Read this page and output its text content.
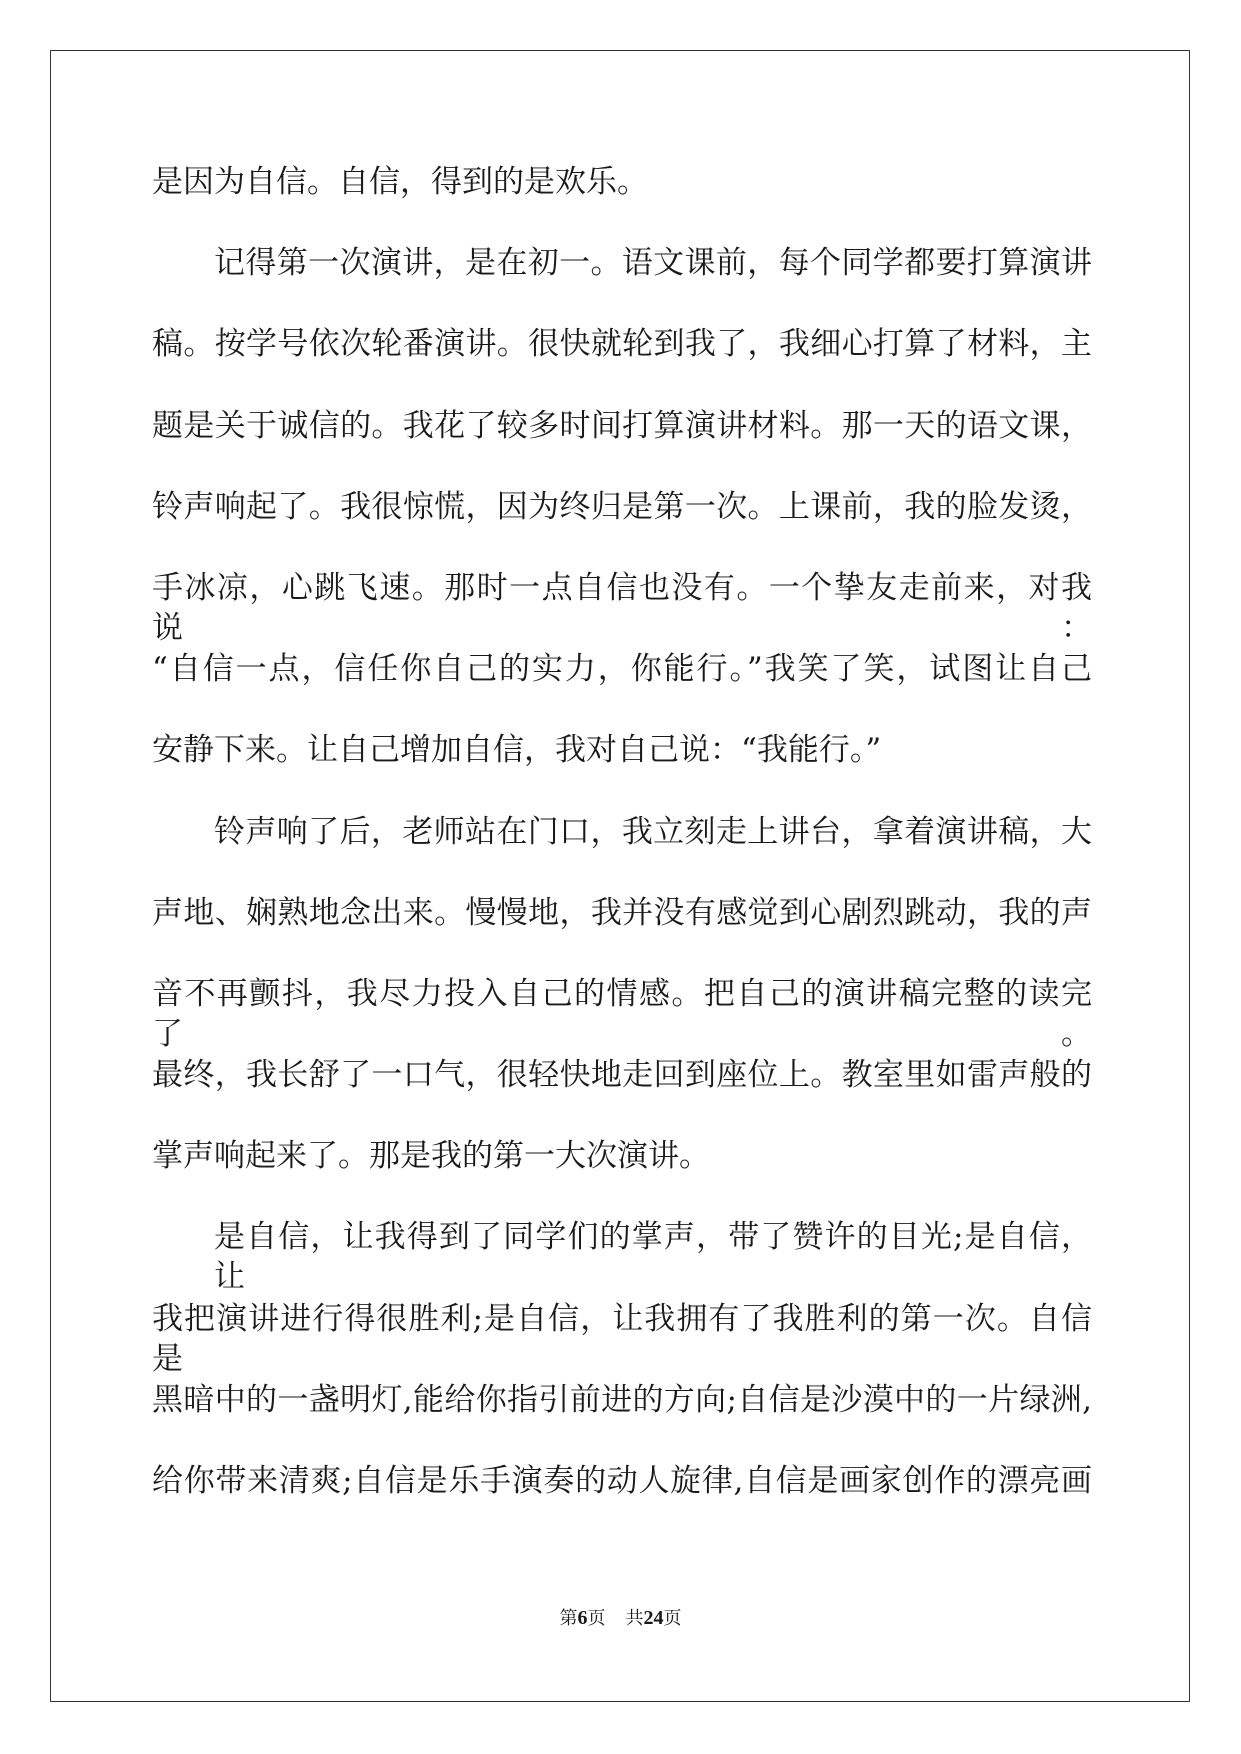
是因为自信。自信，得到的是欢乐。
记得第一次演讲，是在初一。语文课前，每个同学都要打算演讲
稿。按学号依次轮番演讲。很快就轮到我了，我细心打算了材料，主
题是关于诚信的。我花了较多时间打算演讲材料。那一天的语文课，
铃声响起了。我很惊慌，因为终归是第一次。上课前，我的脸发烫，
手冰凉，心跳飞速。那时一点自信也没有。一个挚友走前来，对我说：
“自信一点，信任你自己的实力，你能行。”我笑了笑，试图让自己
安静下来。让自己增加自信，我对自己说：“我能行。”
铃声响了后，老师站在门口，我立刻走上讲台，拿着演讲稿，大
声地、娴熟地念出来。慢慢地，我并没有感觉到心剧烈跳动，我的声
音不再颤抖，我尽力投入自己的情感。把自己的演讲稿完整的读完了。
最终，我长舒了一口气，很轻快地走回到座位上。教室里如雷声般的
掌声响起来了。那是我的第一大次演讲。
是自信，让我得到了同学们的掌声，带了赞许的目光;是自信，让
我把演讲进行得很胜利;是自信，让我拥有了我胜利的第一次。自信是
黑暗中的一盏明灯,能给你指引前进的方向;自信是沙漠中的一片绿洲,
给你带来清爽;自信是乐手演奏的动人旋律,自信是画家创作的漂亮画
第6页 共24页
